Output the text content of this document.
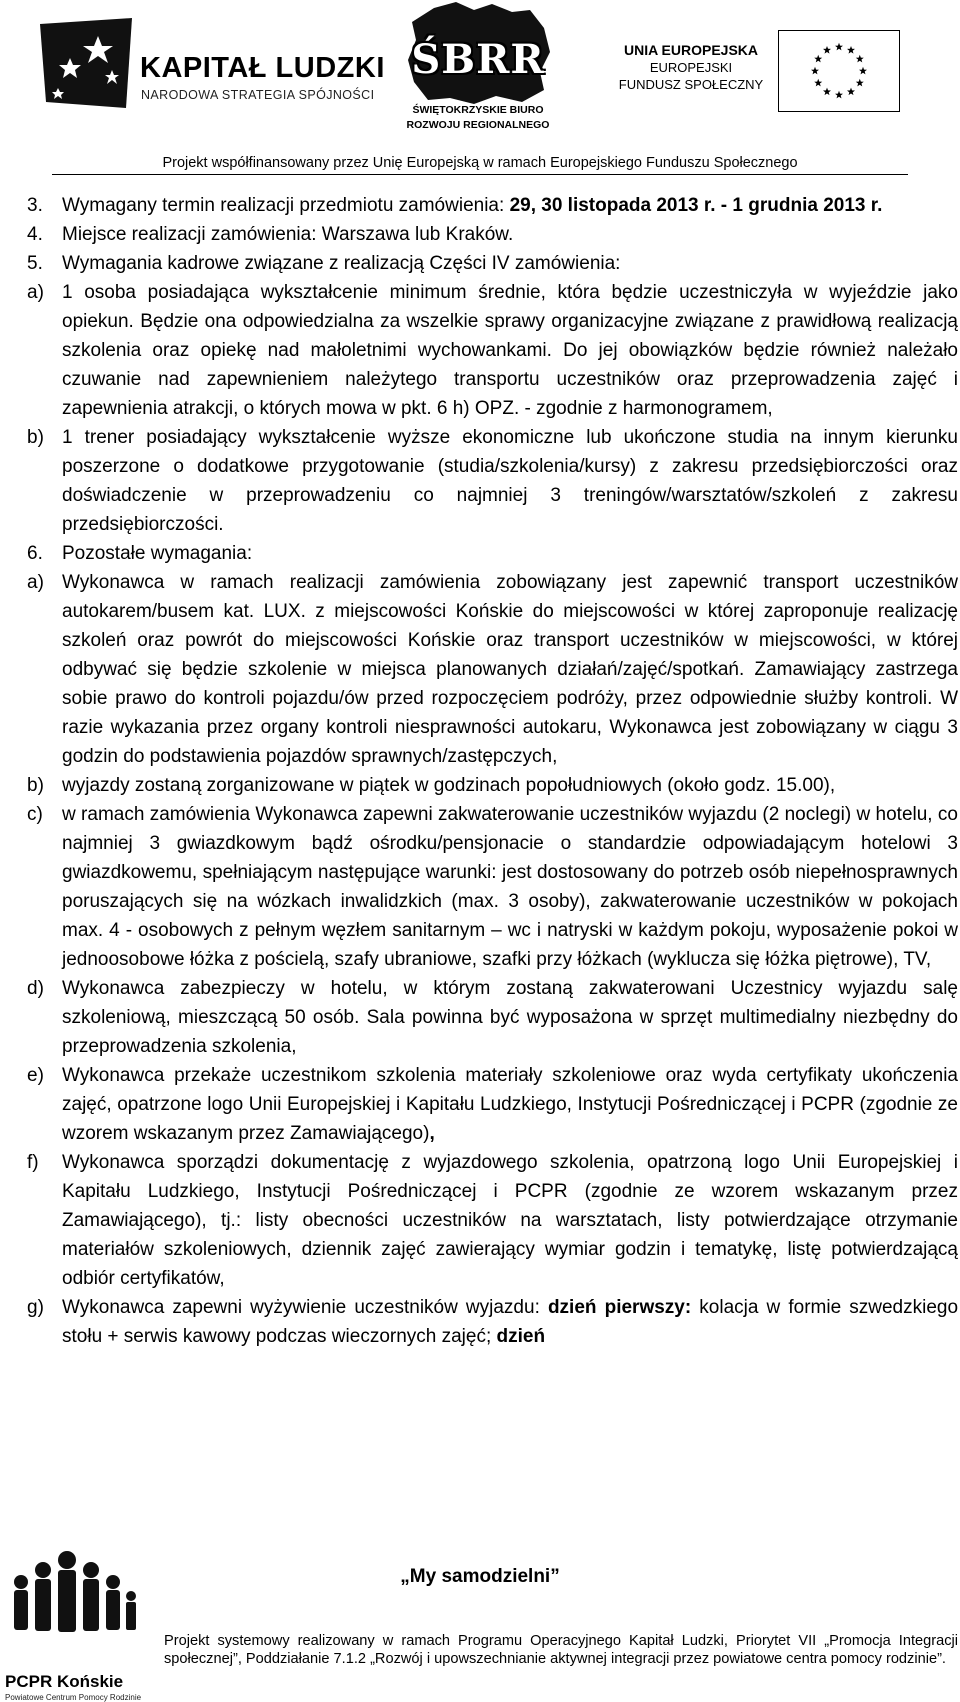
KAPITAŁ LUDZKI
NARODOWA STRATEGIA SPÓJNOŚCI
ŚBRR
ŚWIĘTOKRZYSKIE BIURO
ROZWOJU REGIONALNEGO
UNIA EUROPEJSKA
EUROPEJSKI
FUNDUSZ SPOŁECZNY
Projekt współfinansowany przez Unię Europejską w ramach Europejskiego Funduszu Społecznego
3. Wymagany termin realizacji przedmiotu zamówienia: 29, 30 listopada 2013 r. - 1 grudnia 2013 r.
4. Miejsce realizacji zamówienia: Warszawa lub Kraków.
5. Wymagania kadrowe związane z realizacją Części IV zamówienia:
a) 1 osoba posiadająca wykształcenie minimum średnie, która będzie uczestniczyła w wyjeździe jako opiekun. Będzie ona odpowiedzialna za wszelkie sprawy organizacyjne związane z prawidłową realizacją szkolenia oraz opiekę nad małoletnimi wychowankami. Do jej obowiązków będzie również należało czuwanie nad zapewnieniem należytego transportu uczestników oraz przeprowadzenia zajęć i zapewnienia atrakcji, o których mowa w pkt. 6 h) OPZ. - zgodnie z harmonogramem,
b) 1 trener posiadający wykształcenie wyższe ekonomiczne lub ukończone studia na innym kierunku poszerzone o dodatkowe przygotowanie (studia/szkolenia/kursy) z zakresu przedsiębiorczości oraz doświadczenie w przeprowadzeniu co najmniej 3 treningów/warsztatów/szkoleń z zakresu przedsiębiorczości.
6. Pozostałe wymagania:
a) Wykonawca w ramach realizacji zamówienia zobowiązany jest zapewnić transport uczestników autokarem/busem kat. LUX. z miejscowości Końskie do miejscowości w której zaproponuje realizację szkoleń oraz powrót do miejscowości Końskie oraz transport uczestników w miejscowości, w której odbywać się będzie szkolenie w miejsca planowanych działań/zajęć/spotkań. Zamawiający zastrzega sobie prawo do kontroli pojazdu/ów przed rozpoczęciem podróży, przez odpowiednie służby kontroli. W razie wykazania przez organy kontroli niesprawności autokaru, Wykonawca jest zobowiązany w ciągu 3 godzin do podstawienia pojazdów sprawnych/zastępczych,
b) wyjazdy zostaną zorganizowane w piątek w godzinach popołudniowych (około godz. 15.00),
c) w ramach zamówienia Wykonawca zapewni zakwaterowanie uczestników wyjazdu (2 noclegi) w hotelu, co najmniej 3 gwiazdkowym bądź ośrodku/pensjonacie o standardzie odpowiadającym hotelowi 3 gwiazdkowemu, spełniającym następujące warunki: jest dostosowany do potrzeb osób niepełnosprawnych poruszających się na wózkach inwalidzkich (max. 3 osoby), zakwaterowanie uczestników w pokojach max. 4 - osobowych z pełnym węzłem sanitarnym – wc i natryski w każdym pokoju, wyposażenie pokoi w jednoosobowe łóżka z pościelą, szafy ubraniowe, szafki przy łóżkach (wyklucza się łóżka piętrowe), TV,
d) Wykonawca zabezpieczy w hotelu, w którym zostaną zakwaterowani Uczestnicy wyjazdu salę szkoleniową, mieszczącą 50 osób. Sala powinna być wyposażona w sprzęt multimedialny niezbędny do przeprowadzenia szkolenia,
e) Wykonawca przekaże uczestnikom szkolenia materiały szkoleniowe oraz wyda certyfikaty ukończenia zajęć, opatrzone logo Unii Europejskiej i Kapitału Ludzkiego, Instytucji Pośredniczącej i PCPR (zgodnie ze wzorem wskazanym przez Zamawiającego),
f) Wykonawca sporządzi dokumentację z wyjazdowego szkolenia, opatrzoną logo Unii Europejskiej i Kapitału Ludzkiego, Instytucji Pośredniczącej i PCPR (zgodnie ze wzorem wskazanym przez Zamawiającego), tj.: listy obecności uczestników na warsztatach, listy potwierdzające otrzymanie materiałów szkoleniowych, dziennik zajęć zawierający wymiar godzin i tematykę, listę potwierdzającą odbiór certyfikatów,
g) Wykonawca zapewni wyżywienie uczestników wyjazdu: dzień pierwszy: kolacja w formie szwedzkiego stołu + serwis kawowy podczas wieczornych zajęć; dzień
PCPR Końskie
Powiatowe Centrum Pomocy Rodzinie
„My samodzielni”
Projekt systemowy realizowany w ramach Programu Operacyjnego Kapitał Ludzki, Priorytet VII „Promocja Integracji społecznej”, Poddziałanie 7.1.2 „Rozwój i upowszechnianie aktywnej integracji przez powiatowe centra pomocy rodzinie”.
